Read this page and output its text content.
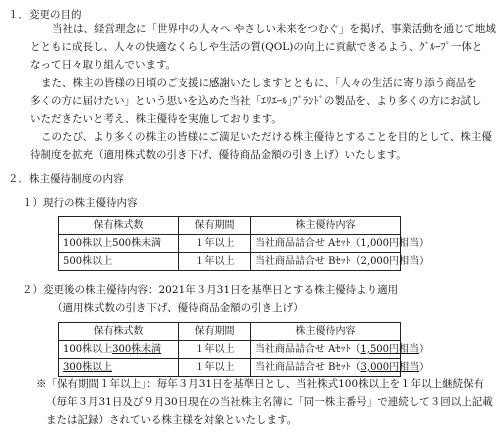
１．変更の目的
当社は、経営理念に「世界中の人々へ やさしい未来をつむぐ」を掲げ、事業活動を通じて地域
とともに成長し、人々の快適なくらしや生活の質(QOL)の向上に貢献できるよう、ｸﾞﾙｰﾌﾟ一体と
なって日々取り組んでいます。
また、株主の皆様の日頃のご支援に感謝いたしますとともに、「人々の生活に寄り添う商品を
多くの方に届けたい」という思いを込めた当社「ｴﾘｴｰﾙ｣ﾌﾞﾗﾝﾄﾞの製品を、より多くの方にお試し
いただきたいと考え、株主優待を実施しております。
このたび、より多くの株主の皆様にご満足いただける株主優待とすることを目的として、株主優
待制度を拡充（適用株式数の引き下げ、優待商品金額の引き上げ）いたします。
２．株主優待制度の内容
１）現行の株主優待内容
保有株式数	保有期間	株主優待内容
100株以上500株未満	１年以上	当社商品詰合せ Aｾｯﾄ（1,000円相当）
500株以上	１年以上	当社商品詰合せ Bｾｯﾄ（2,000円相当）
２）変更後の株主優待内容：2021年３月31日を基準日とする株主優待より適用
（適用株式数の引き下げ、優待商品金額の引き上げ）
保有株式数	保有期間	株主優待内容
100株以上300株未満	１年以上	当社商品詰合せ Aｾｯﾄ（1,500円相当）
300株以上	１年以上	当社商品詰合せ Bｾｯﾄ（3,000円相当）
※「保有期間１年以上」：毎年３月31日を基準日とし、当社株式100株以上を１年以上継続保有
（毎年３月31日及び９月30日現在の当社株主名簿に「同一株主番号」で連続して３回以上記載
または記録）されている株主様を対象といたします。
